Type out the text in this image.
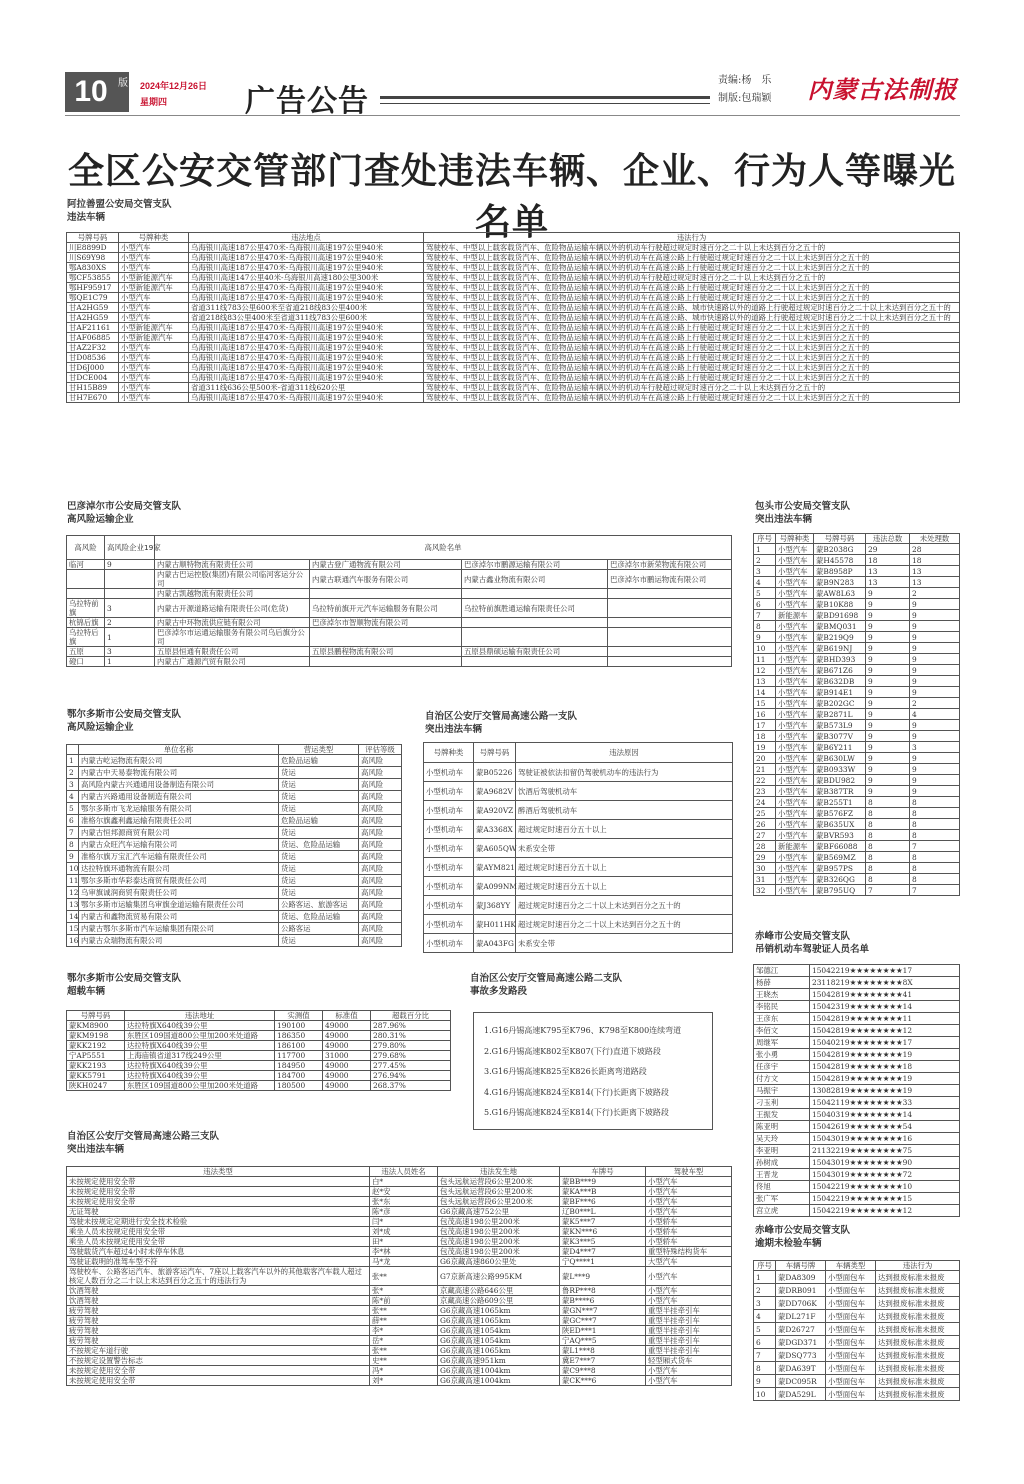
10	版 2024年12月26日
星期四	广告公告
责编:杨　乐
制版:包瑞颖	内蒙古法制报
全区公安交管部门查处违法车辆、企业、行为人等曝光名单
阿拉善盟公安局交管支队
违法车辆
号牌号码	号牌种类	违法地点	违法行为
川E8899D	小型汽车	乌海银川高速187公里470米-乌海银川高速197公里940米	驾驶校车、中型以上载客载货汽车、危险物品运输车辆以外的机动车行驶超过规定时速百分之二十以上未达到百分之五十的
川S69Y98	小型汽车	乌海银川高速187公里470米-乌海银川高速197公里940米	驾驶校车、中型以上载客载货汽车、危险物品运输车辆以外的机动车在高速公路上行驶超过规定时速百分之二十以上未达到百分之五十的
鄂A830XS	小型汽车	乌海银川高速187公里470米-乌海银川高速197公里940米	驾驶校车、中型以上载客载货汽车、危险物品运输车辆以外的机动车在高速公路上行驶超过规定时速百分之二十以上未达到百分之五十的
鄂CF53855	小型新能源汽车	乌海银川高速147公里40米-乌海银川高速180公里300米	驾驶校车、中型以上载客载货汽车、危险物品运输车辆以外的机动车行驶超过规定时速百分之二十以上未达到百分之五十的
鄂HF95917	小型新能源汽车	乌海银川高速187公里470米-乌海银川高速197公里940米	驾驶校车、中型以上载客载货汽车、危险物品运输车辆以外的机动车在高速公路上行驶超过规定时速百分之二十以上未达到百分之五十的
鄂QE1C79	小型汽车	乌海银川高速187公里470米-乌海银川高速197公里940米	驾驶校车、中型以上载客载货汽车、危险物品运输车辆以外的机动车在高速公路上行驶超过规定时速百分之二十以上未达到百分之五十的
甘A2HG59	小型汽车	省道311线783公里600米至省道218线83公里400米	驾驶校车、中型以上载客载货汽车、危险物品运输车辆以外的机动车在高速公路、城市快速路以外的道路上行驶超过规定时速百分之二十以上未达到百分之五十的
甘A2HG59	小型汽车	省道218线83公里400米至省道311线783公里600米	驾驶校车、中型以上载客载货汽车、危险物品运输车辆以外的机动车在高速公路、城市快速路以外的道路上行驶超过规定时速百分之二十以上未达到百分之五十的
甘AF21161	小型新能源汽车	乌海银川高速187公里470米-乌海银川高速197公里940米	驾驶校车、中型以上载客载货汽车、危险物品运输车辆以外的机动车在高速公路上行驶超过规定时速百分之二十以上未达到百分之五十的
甘AF06885	小型新能源汽车	乌海银川高速187公里470米-乌海银川高速197公里940米	驾驶校车、中型以上载客载货汽车、危险物品运输车辆以外的机动车在高速公路上行驶超过规定时速百分之二十以上未达到百分之五十的
甘AZ2F32	小型汽车	乌海银川高速187公里470米-乌海银川高速197公里940米	驾驶校车、中型以上载客载货汽车、危险物品运输车辆以外的机动车在高速公路上行驶超过规定时速百分之二十以上未达到百分之五十的
甘D08536	小型汽车	乌海银川高速187公里470米-乌海银川高速197公里940米	驾驶校车、中型以上载客载货汽车、危险物品运输车辆以外的机动车在高速公路上行驶超过规定时速百分之二十以上未达到百分之五十的
甘D6J000	小型汽车	乌海银川高速187公里470米-乌海银川高速197公里940米	驾驶校车、中型以上载客载货汽车、危险物品运输车辆以外的机动车在高速公路上行驶超过规定时速百分之二十以上未达到百分之五十的
甘DCE004	小型汽车	乌海银川高速187公里470米-乌海银川高速197公里940米	驾驶校车、中型以上载客载货汽车、危险物品运输车辆以外的机动车在高速公路上行驶超过规定时速百分之二十以上未达到百分之五十的
甘H15B89	小型汽车	省道311线636公里500米-省道311线620公里	驾驶校车、中型以上载客载货汽车、危险物品运输车辆以外的机动车行驶超过规定时速百分之二十以上未达到百分之五十的
甘H7E670	小型汽车	乌海银川高速187公里470米-乌海银川高速197公里940米	驾驶校车、中型以上载客载货汽车、危险物品运输车辆以外的机动车在高速公路上行驶超过规定时速百分之二十以上未达到百分之五十的
巴彦淖尔市公安局交管支队
高风险运输企业
高风险	高风险企业19家	高风险名单			
临河	9	内蒙古顺特物流有限责任公司	内蒙古登广通物流有限公司	巴彦淖尔市鹏源运输有限公司	巴彦淖尔市新荣物流有限公司
		内蒙古巴运控股(集团)有限公司临河客运分公司	内蒙古联通汽车服务有限公司	内蒙古鑫业物流有限公司	巴彦淖尔市鹏运物流有限公司
		内蒙古凯越物流有限责任公司			
乌拉特前旗	3	内蒙古开源道路运输有限责任公司(危货)	乌拉特前旗开元汽车运输服务有限公司	乌拉特前旗胜通运输有限责任公司	
杭锦后旗	2	内蒙古中环物流供应链有限公司	巴彦淖尔市智顺物流有限公司		
乌拉特后旗	1	巴彦淖尔市运通运输服务有限公司乌后旗分公司			
五原	3	五原县恒通有限责任公司	五原县鹏程物流有限公司	五原县鼎硕运输有限责任公司	
磴口	1	内蒙古广通源汽贸有限公司			
鄂尔多斯市公安局交管支队
高风险运输企业
	单位名称	营运类型	评估等级
1	内蒙古屹运物流有限公司	危险品运输	高风险
2	内蒙古中天易泰物流有限公司	货运	高风险
3	高风险内蒙古兴通通用设备制造有限公司	货运	高风险
4	内蒙古兴路通用设备制造有限公司	货运	高风险
5	鄂尔多斯市飞龙运输服务有限公司	货运	高风险
6	准格尔旗鑫利鑫运输有限责任公司	危险品运输	高风险
7	内蒙古恒邦源商贸有限公司	货运	高风险
8	内蒙古众旺汽车运输有限公司	货运、危险品运输	高风险
9	准格尔旗万宝汇汽车运输有限责任公司	货运	高风险
10	达拉特旗环通物流有限公司	货运	高风险
11	鄂尔多斯市华彩泰达商贸有限责任公司	货运	高风险
12	乌审旗诚润商贸有限责任公司	货运	高风险
13	鄂尔多斯市运输集团乌审旗金道运输有限责任公司	公路客运、旅游客运	高风险
14	内蒙古和鑫物流贸易有限公司	货运、危险品运输	高风险
15	内蒙古鄂尔多斯市汽车运输集团有限公司	公路客运	高风险
16	内蒙古众瑞物流有限公司	货运	高风险
自治区公安厅交管局高速公路一支队
突出违法车辆
号牌种类	号牌号码	违法原因
小型机动车	蒙B05226	驾驶证被依法扣留仍驾驶机动车的违法行为
小型机动车	蒙A9682V	饮酒后驾驶机动车
小型机动车	蒙A920VZ	醉酒后驾驶机动车
小型机动车	蒙A3368X	超过规定时速百分五十以上
小型机动车	蒙A605QW	未系安全带
小型机动车	蒙AYM821	超过规定时速百分五十以上
小型机动车	蒙A099NM	超过规定时速百分五十以上
小型机动车	蒙J368YY	超过规定时速百分之二十以上未达到百分之五十的
小型机动车	蒙H011HK	超过规定时速百分之二十以上未达到百分之五十的
小型机动车	蒙A043FG	未系安全带
鄂尔多斯市公安局交管支队
超载车辆
号牌号码	违法地址	实测值	标准值	超载百分比
蒙KM8900	达拉特旗X640线39公里	190100	49000	287.96%
蒙KM9198	东胜区109国道800公里加200米处道路	186350	49000	280.31%
蒙KK2192	达拉特旗X640线39公里	186100	49000	279.80%
宁AP5551	上海庙镇省道317线249公里	117700	31000	279.68%
蒙KK2193	达拉特旗X640线39公里	184950	49000	277.45%
蒙KK5791	达拉特旗X640线39公里	184700	49000	276.94%
陕KH0247	东胜区109国道800公里加200米处道路	180500	49000	268.37%
自治区公安厅交管局高速公路二支队
事故多发路段
1.G16丹锡高速K795至K796、K798至K800连续弯道
2.G16丹锡高速K802至K807(下行)直道下坡路段
3.G16丹锡高速K825至K826长距离弯道路段
4.G16丹锡高速K824至K814(下行)长距离下坡路段
5.G16丹锡高速K824至K814(下行)长距离下坡路段
自治区公安厅交管局高速公路三支队
突出违法车辆
违法类型	违法人员姓名	违法发生地	车牌号	驾驶车型
未按规定使用安全带	白*	包头远航运营段6公里200米	蒙BB***9	小型汽车
未按规定使用安全带	赵*安	包头远航运营段6公里200米	蒙KA***B	小型汽车
未按规定使用安全带	张*东	包头远航运营段6公里200米	蒙BF***6	小型汽车
无证驾驶	陈*彦	G6京藏高速752公里	辽B0***L	小型汽车
驾驶未按规定定期进行安全技术检验	闫*	包茂高速198公里200米	蒙K5***7	小型轿车
乘坐人员未按规定使用安全带	刘*成	包茂高速198公里200米	蒙KN***6	小型轿车
乘坐人员未按规定使用安全带	田*	包茂高速198公里200米	蒙K3***5	小型轿车
驾驶载货汽车超过4小时未停车休息	李*林	包茂高速198公里200米	蒙D4***7	重型特殊结构货车
驾驶证载明的准驾车型不符	马*龙	G6京藏高速860公里处	宁Q****1	大型汽车
驾驶校车、公路客运汽车、旅游客运汽车、7座以上载客汽车以外的其他载客汽车载人超过核定人数百分之二十以上未达到百分之五十的违法行为	张**	G7京新高速公路995KM	蒙L***9	小型汽车
饮酒驾驶	张*	京藏高速公路646公里	鲁RP***8	小型汽车
饮酒驾驶	陈*前	京藏高速公路609公里	蒙B****6	小型汽车
疲劳驾驶	张**	G6京藏高速1065km	蒙GN***7	重型半挂牵引车
疲劳驾驶	薛**	G6京藏高速1065km	蒙GC***7	重型半挂牵引车
疲劳驾驶	李*	G6京藏高速1054km	陕ED***1	重型半挂牵引车
疲劳驾驶	岳*	G6京藏高速1054km	宁AQ***5	重型半挂牵引车
不按规定车道行驶	张**	G6京藏高速1065km	蒙L1***8	重型半挂牵引车
不按规定设置警告标志	史**	G6京藏高速951km	冀E7***7	轻型厢式货车
未按规定使用安全带	冯*	G6京藏高速1004km	蒙C9***8	小型汽车
未按规定使用安全带	刘*	G6京藏高速1004km	蒙CK***6	小型汽车
包头市公安局交管支队
突出违法车辆
序号	号牌种类	号牌号码	违法总数	未处理数
1	小型汽车	蒙B2038G	29	28
2	小型汽车	蒙H45578	18	18
3	小型汽车	蒙B8958P	13	13
4	小型汽车	蒙B9N283	13	13
5	小型汽车	蒙AW8L63	9	2
6	小型汽车	蒙B10K88	9	9
7	新能源车	蒙BD91698	9	9
8	小型汽车	蒙BMQ031	9	9
9	小型汽车	蒙B219Q9	9	9
10	小型汽车	蒙B619NJ	9	9
11	小型汽车	蒙BHD393	9	9
12	小型汽车	蒙B671Z6	9	9
13	小型汽车	蒙B632DB	9	9
14	小型汽车	蒙B914E1	9	9
15	小型汽车	蒙B202GC	9	2
16	小型汽车	蒙B2871L	9	4
17	小型汽车	蒙B573L9	9	9
18	小型汽车	蒙B3077V	9	9
19	小型汽车	蒙B6Y211	9	3
20	小型汽车	蒙B630LW	9	9
21	小型汽车	蒙B0933W	9	9
22	小型汽车	蒙BDU982	9	9
23	小型汽车	蒙B387TR	9	9
24	小型汽车	蒙B255T1	8	8
25	小型汽车	蒙B576FZ	8	8
26	小型汽车	蒙B635UX	8	8
27	小型汽车	蒙BVR593	8	8
28	新能源车	蒙BF66088	8	7
29	小型汽车	蒙B569MZ	8	8
30	小型汽车	蒙B957PS	8	8
31	小型汽车	蒙B326QG	8	8
32	小型汽车	蒙B795UQ	7	7
赤峰市公安局交管支队
吊销机动车驾驶证人员名单
邹德江	15042219★★★★★★★★17
杨薛	23118219★★★★★★★★8X
王晓杰	15042819★★★★★★★★41
李铭民	15042319★★★★★★★★14
王彦东	15042819★★★★★★★★11
李佰文	15042819★★★★★★★★12
周继军	15040219★★★★★★★★17
张小勇	15042819★★★★★★★★19
任彦宇	15042819★★★★★★★★18
付方文	15042819★★★★★★★★19
马振宇	13082819★★★★★★★★19
刁玉利	15042119★★★★★★★★33
王振发	15040319★★★★★★★★14
陈亚明	15042619★★★★★★★★54
吴天玲	15043019★★★★★★★★16
李亚明	21132219★★★★★★★★75
孙树成	15043019★★★★★★★★90
王晋龙	15043019★★★★★★★★72
佟旭	15042219★★★★★★★★10
张广军	15042219★★★★★★★★15
宫立虎	15042219★★★★★★★★12
赤峰市公安局交管支队
逾期未检验车辆
序号	车辆号牌	车辆类型	违法行为
1	蒙DA8309	小型面包车	达到报废标准未报废
2	蒙DRB091	小型面包车	达到报废标准未报废
3	蒙DD706K	小型面包车	达到报废标准未报废
4	蒙DL271F	小型面包车	达到报废标准未报废
5	蒙D26727	小型面包车	达到报废标准未报废
6	蒙DGD371	小型面包车	达到报废标准未报废
7	蒙DSQ773	小型面包车	达到报废标准未报废
8	蒙DA639T	小型面包车	达到报废标准未报废
9	蒙DC095R	小型面包车	达到报废标准未报废
10	蒙DA529L	小型面包车	达到报废标准未报废
